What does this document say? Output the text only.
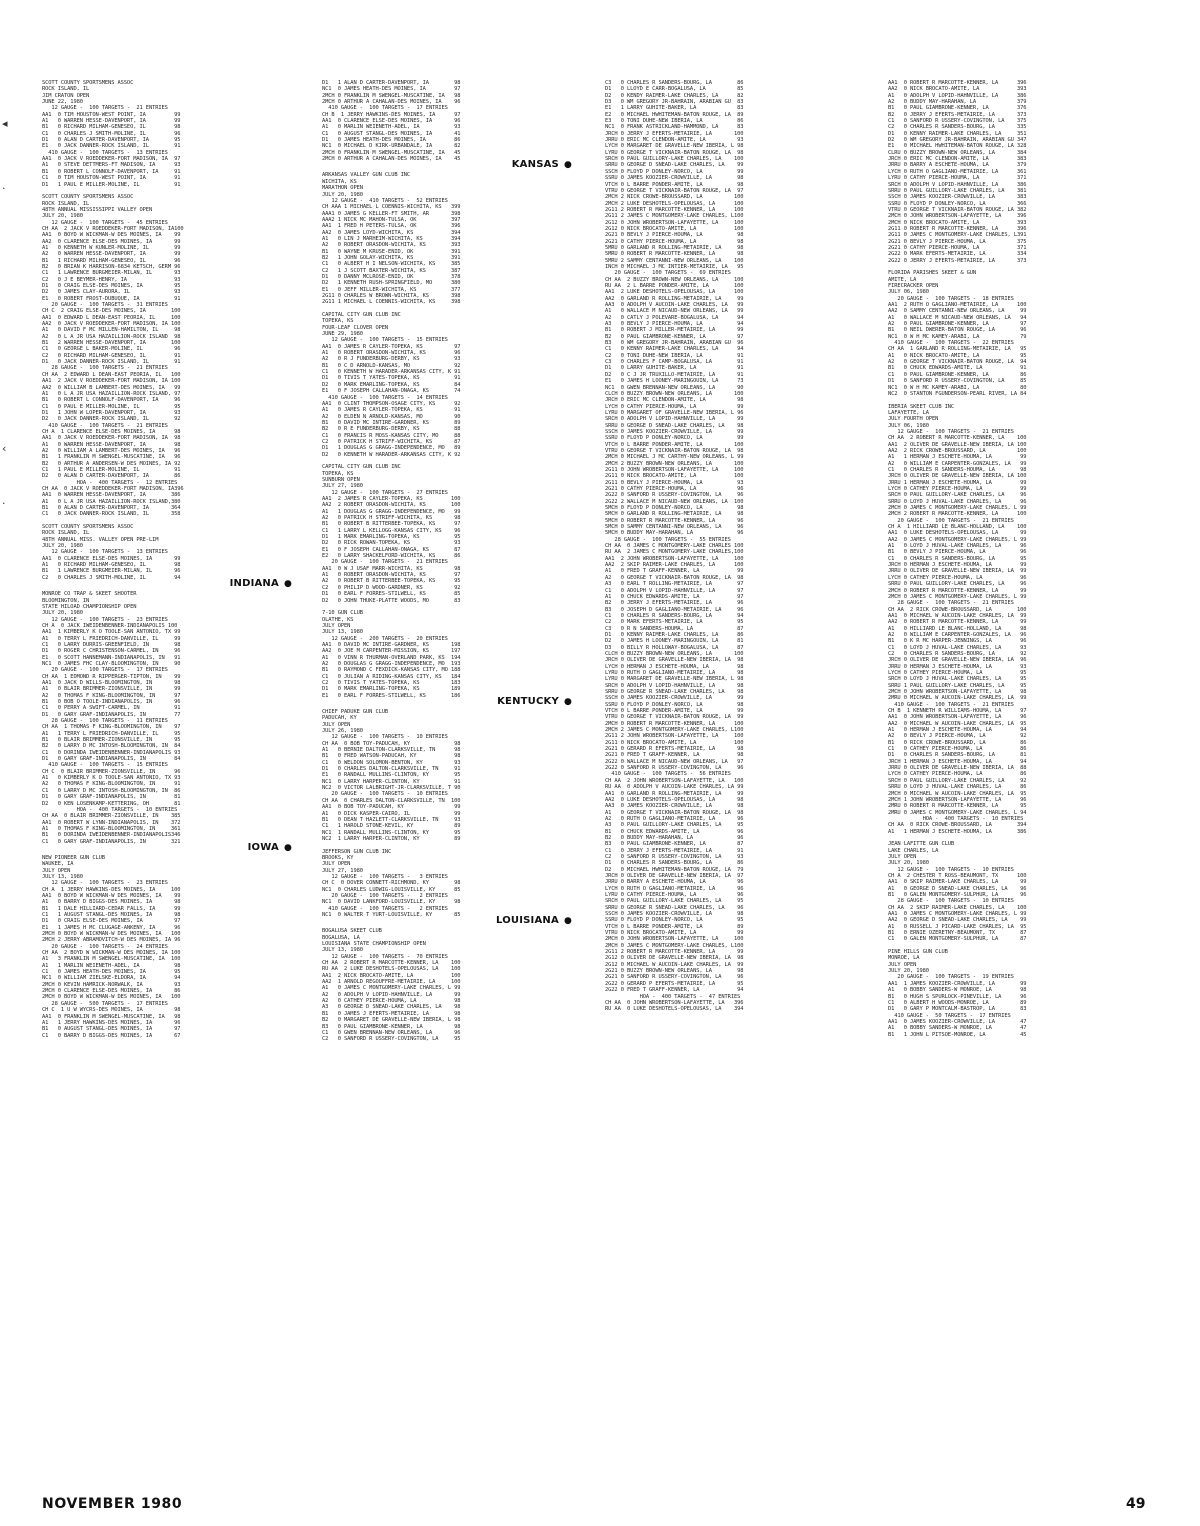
SCOTT COUNTY SPORTSMENS ASSOC
ROCK ISLAND, IL
JIM CRATON OPEN
JUNE 22, 1980
12 GAUGE -  100 TARGETS -  21 ENTRIES
AA1  0 TIM HOUSTON-WEST POINT, IA         99
A1   0 WARREN HESSE-DAVENPORT, IA         99
B1   0 RICHARD MILHAM-GENESEO, IL         98
C1   0 CHARLES J SMITH-MOLINE, IL         96
D1   0 ALAN D CARTER-DAVENPORT, IA        95
E1   0 JACK DANNER-ROCK ISLAND, IL        91
410 GAUGE -  100 TARGETS -  13 ENTRIES
AA1  0 JACK V ROEDDEKER-FORT MADISON, IA  97
A1   0 STEVE DETTMERS-FT MADISON, IA      93
B1   0 ROBERT L CONNOLF-DAVENPORT, IA     91
C1   0 TIM HOUSTON-WEST POINT, IA         91
D1   1 PAUL E MILLER-MOLINE, IL           91

SCOTT COUNTY SPORTSMENS ASSOC
ROCK ISLAND, IL
48TH ANNUAL MISSISSIPPI VALLEY OPEN
JULY 20, 1980
12 GAUGE -  100 TARGETS -  45 ENTRIES
CH AA  2 JACK V ROEDDEKER-FORT MADISON, IA100
AA1  0 BOYD W WICKMAN-W DES MOINES, IA    99
AA2  0 CLARENCE ELSE-DES MOINES, IA       99
A1   0 KENNETH W KUNLER-MOLINE, IL        99
A2   0 WARREN HESSE-DAVENPORT, IA         99
B1   1 RICHARD MILHAM-GENESEO, IL         96
B2   0 BRIAN K HARRISON-6834 KETSCH, GERM 96
C1   1 LAWRENCE BURGMEIER-MILAN, IL       93
C2   0 J E BEYMER-HENRY, IA               93
D1   0 CRAIG ELSE-DES MOINES, IA          95
D2   0 JAMES CLAY-AURORA, IL              93
E1   0 ROBERT FROST-DUBUQUE, IA           91
20 GAUGE -  100 TARGETS -  31 ENTRIES
CH C  2 CRAIG ELSE-DES MOINES, IA        100
AA1  0 EDWARD L DEAN-EAST PEORIA, IL     100
AA2  0 JACK V ROEDDEKER-FORT MADISON, IA 100
A1   0 DAVID F MC MILLEN-HAMILTON, IL     98
A2   0 L A JR USA HAZAILLION-ROCK ISLAND  98
B1   2 WARREN HESSE-DAVENPORT, IA        100
C1   0 GEORGE L BAKER-MOLINE, IL          96
C2   0 RICHARD MILHAM-GENESEO, IL         91
D1   0 JACK DANNER-ROCK ISLAND, IL        91
28 GAUGE -  100 TARGETS -  21 ENTRIES
CH AA  2 EDWARD L DEAN-EAST PEORIA, IL   100
AA1  2 JACK V ROEDDEKER-FORT MADISON, IA 100
AA2  0 WILLIAM B LAMBERT-DES MOINES, IA   99
A1   0 L A JR USA HAZAILLION-ROCK ISLAND, 97
B1   0 ROBERT L CONNOLF-DAVENPORT, IA     96
C1   0 PAUL E MILLER-MOLINE, IL           95
D1   1 JOHN W LOPER-DAVENPORT, IA         93
D2   0 JACK DANNER-ROCK ISLAND, IL        92
410 GAUGE -  100 TARGETS -  21 ENTRIES
CH A  1 CLARENCE ELSE-DES MOINES, IA      98
AA1  0 JACK V ROEDDEKER-FORT MADISON, IA  98
A1   0 WARREN HESSE-DAVENPORT, IA         98
A2   0 WILLIAM A LAMBERT-DES MOINES, IA   96
B1   1 FRANKLIN M SWENGEL-MUSCATINE, IA   96
B2   0 ARTHUR A ANDERSEN-W DES MOINES, IA 92
C1   1 PAUL E MILLER-MOLINE, IL           91
D2   0 ALAN D CARTER-DAVENPORT, IA        86
HOA -  400 TARGETS -  12 ENTRIES
CH AA  0 JACK V ROEDDEKER-FORT MADISON, IA396
AA1  0 WARREN HESSE-DAVENPORT, IA        386
A1   0 L A JR USA HAZAILLION-ROCK ISLAND,380
B1   0 ALAN D CARTER-DAVENPORT, IA       364
C1   0 JACK DANNER-ROCK ISLAND, IL       358

SCOTT COUNTY SPORTSMENS ASSOC
ROCK ISLAND, IL
48TH ANNUAL MISS. VALLEY OPEN PRE-LIM
JULY 20, 1980
12 GAUGE -  100 TARGETS -  13 ENTRIES
AA1  0 CLARENCE ELSE-DES MOINES, IA       99
A1   0 RICHARD MILHAM-GENESEO, IL         98
B1   1 LAWRENCE BURGMEIER-MILAN, IL       96
C2   0 CHARLES J SMITH-MOLINE, IL         94
INDIANA ●
MONROE CO TRAP & SKEET SHOOTER
BLOOMINGTON, IN
STATE HILOAD CHAMPIONSHIP OPEN
JULY 20, 1980
12 GAUGE -  100 TARGETS -  23 ENTRIES
CH A  0 JACK IWEIDENBENNER-INDIANAPOLIS 100
AA1  1 KIMBERLY K O TOOLE-SAN ANTONIO, TX 99
A1   0 TERRY L FRIEDRICH-DANVILLE, IL     99
C1   0 LARRY DURRIS-GREENFIELD, IN        98
D1   0 ROGER C CHRISTENSON-CARMEL, IN     96
E1   0 SCOTT HANNEMANN-INDIANAPOLIS, IN   91
NC1  0 JAMES FHC CLAY-BLOOMINGTON, IN     90
20 GAUGE -  100 TARGETS -  17 ENTRIES
CH AA  1 EDMOND R RIPPERGER-TIPTON, IN    99
AA1  0 JACK D WILLS-BLOOMINGTON, IN       98
A1   0 BLAIR BRIMMER-ZIONSVILLE, IN       99
A2   0 THOMAS F KING-BLOOMINGTON, IN      97
B1   0 BOB O TOOLE-INDIANAPOLIS, IN       96
C1   0 PERRY A SWIFT-CARMEL, IN           91
D1   0 GARY GRAF-INDIANAPOLIS, IN         77
28 GAUGE -  100 TARGETS -  11 ENTRIES
CH AA  1 THOMAS F KING-BLOOMINGTON, IN    97
A1   1 TERRY L FRIEDRICH-DANVILLE, IL     95
B1   0 BLAIR BRIMMER-ZIONSVILLE, IN       95
B2   0 LARRY D MC INTOSH-BLOOMINGTON, IN  84
C1   0 DORINDA IWEIDENBENNER-INDIANAPOLIS 93
D1   0 GARY GRAF-INDIANAPOLIS, IN         84
410 GAUGE -  100 TARGETS -  15 ENTRIES
CH C  0 BLAIR BRIMMER-ZIONSVILLE, IN      96
A1   0 KIMBERLY K O TOOLE-SAN ANTONIO, TX 93
A2   0 THOMAS F KING-BLOOMINGTON, IN      91
C1   0 LARRY D MC INTOSH-BLOOMINGTON, IN  86
D1   0 GARY GRAF-INDIANAPOLIS, IN         81
D2   0 KEN LOSENKAMP-KETTERING, OH        81
HOA -  400 TARGETS -  10 ENTRIES
CH AA  0 BLAIR BRIMMER-ZIONSVILLE, IN    385
AA1  0 ROBERT W LYNN-INDIANAPOLIS, IN    372
A1   0 THOMAS F KING-BLOOMINGTON, IN     361
B1   0 DORINDA IWEIDENBENNER-INDIANAPOLIS346
C1   0 GARY GRAF-INDIANAPOLIS, IN        321
IOWA ●
NEW PIONEER GUN CLUB
WAUKEE, IA
JULY OPEN
JULY 13, 1980
12 GAUGE -  100 TARGETS -  23 ENTRIES
CH A  1 JERRY HAWKINS-DES MOINES, IA     100
AA1  0 BOYD W WICKMAN-W DES MOINES, IA    99
A1   0 BARRY D BIGGS-DES MOINES, IA       98
B1   1 DALE HILLIARD-CEDAR FALLS, IA      99
C1   1 AUGUST STANGL-DES MOINES, IA       98
D1   0 CRAIG ELSE-DES MOINES, IA          97
E1   1 JAMES H MC CLUGAGE-ANKENY, IA      96
2MCH 0 BOYD W WICKMAN-W DES MOINES, IA   100
2MCH 2 JERRY ABRAMOVITCH-W DES MOINES, IA 96
20 GAUGE -  100 TARGETS -  24 ENTRIES
CH AA  2 BOYD W WICKMAN-W DES MOINES, IA 100
A1   3 FRANKLIN M SWENGEL-MUSCATINE, IA  100
A1   1 MARLIN WEIENETH-ADEL, IA           98
C1   0 JAMES HEATH-DES MOINES, IA         95
NC1  0 WILLIAM ZIELSKE-ELDORA, IA         94
2MCH 0 KEVIN HAMRICK-NORWALK, IA          93
2MCH 0 CLARENCE ELSE-DES MOINES, IA       86
2MCH 0 BOYD W WICKMAN-W DES MOINES, IA   100
28 GAUGE -  500 TARGETS -  17 ENTRIES
CH C  1 U W WYCRS-DES MOINES, IA          98
AA1  0 FRANKLIN M SWENGEL-MUSCATINE, IA   98
A1   1 JERRY HAWKINS-DES MOINES, IA       96
B1   0 AUGUST STANGL-DES MOINES, IA       97
C1   0 BARRY D BIGGS-DES MOINES, IA       67
D1   1 ALAN D CARTER-DAVENPORT, IA        98
NC1  0 JAMES HEATH-DES MOINES, IA         97
2MCH 0 FRANKLIN M SWENGEL-MUSCATINE, IA   98
2MCH 0 ARTHUR A CAHALAN-DES MOINES, IA    96
410 GAUGE -  100 TARGETS -  17 ENTRIES
CH B  1 JERRY HAWKINS-DES MOINES, IA      97
AA1  0 CLARENCE ELSE-DES MOINES, IA       96
A1   0 MARLIN WEIENETH-ADEL, IA           93
C1   0 AUGUST STANGL-DES MOINES, IA       41
D1   0 JAMES HEATH-DES MOINES, IA         86
NC1  0 MICHAEL D KIRK-URBANDALE, IA       82
2MCH 0 FRANKLIN M SWENGEL-MUSCATINE, IA   45
2MCH 0 ARTHUR A CAHALAN-DES MOINES, IA    45
KANSAS ●
ARKANSAS VALLEY GUN CLUB INC
WICHITA, KS
MARATHON OPEN
JULY 20, 1980
12 GAUGE -  410 TARGETS -  52 ENTRIES
CH AAA 1 MICHAEL L COENNIS-WICHITA, KS   399
AAA1 0 JAMES G KELLER-FT SMITH, AR       398
AAA2 1 NICK MC MAHON-TULSA, OK           397
AA1  1 FRED H PETERS-TULSA, OK           396
AA2  0 JAMES LOYD-WICHITA, KS            394
A1   0 LIN J MARHEIM-WICHITA, KS         394
A2   0 ROBERT ORASDON-WICHITA, KS        393
B1   0 WAYNE M KRUSE-ENID, OK            391
B2   1 JOHN GOLAY-WICHITA, KS            391
C1   0 ALBERT H I NELSON-WICHITA, KS     385
C2   1 J SCOTT BAXTER-WICHITA, KS        387
D1   0 DANNY MCLROSE-ENID, OK            378
D2   1 KENNETH RUSH-SPRINGFIELD, MO      380
E1   0 JEFF MILLER-WICHITA, KS           377
2G11 0 CHARLES W BROWN-WICHITA, KS       398
2G11 1 MICHAEL L COENNIS-WICHITA, KS     398

CAPITAL CITY GUN CLUB INC
TOPEKA, KS
FOUR-LEAF CLOVER OPEN
JUNE 29, 1980
12 GAUGE -  100 TARGETS -  15 ENTRIES
AA1  0 JAMES R CAYLER-TOPEKA, KS          97
A1   0 ROBERT ORASDON-WICHITA, KS         96
A2   0 R J FUNDERBURG-DERBY, KS           93
B1   0 C D ARNOLD-KANSAS, MO              92
C1   0 KENNETH W HARADER-ARKANSAS CITY, K 91
D1   0 TIVIS T YATES-TOPEKA, KS           91
D2   0 MARK EMARLING-TOPEKA, KS           84
E1   0 F JOSEPH CALLAHAN-ONAGA, KS        74
410 GAUGE -  100 TARGETS -  14 ENTRIES
AA1  0 CLINT THOMPSON-OSAGE CITY, KS      92
A1   0 JAMES R CAYLER-TOPEKA, KS          91
A2   0 ELDEN N ARNOLD-KANSAS, MO          90
B1   0 DAVID MC INTIRE-GARDNER, KS        89
B2   0 R E FUNDERBURG-DERBY, KS           88
C1   0 FRANCIS R MOSS-KANSAS CITY, MO     88
C2   0 PATRICK H STRIFF-WICHITA, KS       87
D1   1 DOUGLAS G GRAGG-INDEPENDENCE, MO   89
D2   0 KENNETH W HARADER-ARKANSAS CITY, K 92

CAPITAL CITY GUN CLUB INC
TOPEKA, KS
SUNBURN OPEN
JULY 27, 1980
12 GAUGE -  100 TARGETS -  27 ENTRIES
AA1  2 JAMES R CAYLER-TOPEKA, KS         100
AA2  2 ROBERT ORASDON-WICHITA, KS        100
A1   1 DOUGLAS G GRAGG-INDEPENDENCE, MO   99
A2   0 PATRICK H STRIFF-WICHITA, KS       98
B1   0 ROBERT B RITTERBEE-TOPEKA, KS      97
C1   1 LARRY L KELLOGG-KANSAS CITY, KS    96
D1   1 MARK EMARLING-TOPEKA, KS           95
D2   0 RICK ROWAN-TOPEKA, KS              93
E1   0 F JOSEPH CALLAHAN-ONAGA, KS        87
E2   0 LARRY SHACKELFORD-WICHITA, KS      86
20 GAUGE -  100 TARGETS -  21 ENTRIES
AA1  0 W J USAF MARR-WICHITA, KS          98
A1   0 ROBERT ORASDON-WICHITA, KS         97
A2   0 ROBERT B RITTERBEE-TOPEKA, KS      95
C2   0 PHILIP D WOOD-GARDNER, KS          92
D1   0 EARL F FORRES-STILWELL, KS         85
D2   0 JOHN THUKE-PLATTE WOODS, MO        83

7-10 GUN CLUB
OLATHE, KS
JULY OPEN
JULY 13, 1980
12 GAUGE -  200 TARGETS -  20 ENTRIES
AA1  0 DAVID MC INTIRE-GARDNER, KS       198
AA2  0 JOE M CARPENTER-MISSION, KS       197
A1   0 VINN R THURMAN-OVERLAND PARK, KS  194
A2   0 DOUGLAS G GRAGG-INDEPENDENCE, MO  193
B1   0 RAYMOND C FEXDICK-KANSAS CITY, MO 188
C1   0 JULIAN A RIDING-KANSAS CITY, KS   184
C2   0 TIVIS T YATES-TOPEKA, KS          183
D1   0 MARK EMARLING-TOPEKA, KS          189
E1   0 EARL F FORRES-STILWELL, KS        186
KENTUCKY ●
CHIEF PADUKE GUN CLUB
PADUCAH, KY
JULY OPEN
JULY 26, 1980
12 GAUGE -  100 TARGETS -  10 ENTRIES
CH AA  0 BOB TOY-PADUCAH, KY              98
A1   0 BERNIE DALTON-CLARKSVILLE, TN      98
B1   0 FRED WATSON-PADUCAH, KY            98
C1   0 WELDON SOLOMON-BENTON, KY          93
D1   0 CHARLES DALTON-CLARKSVILLE, TN     91
E1   0 RANDALL MULLINS-CLINTON, KY        95
NC1  0 LARRY HARPER-CLINTON, KY           91
NC2  0 VICTOR LALBRIGHT-JR-CLARKSVILLE, T 90
20 GAUGE -  100 TARGETS -  10 ENTRIES
CH AA  0 CHARLES DALTON-CLARKSVILLE, TN  100
AA1  0 BOB TOY-PADUCAH, KY                99
A1   0 DICK KASPER-CAIRO, IL              99
B1   0 DEAN T HAZLETT-CLARKSVILLE, TN     93
C1   1 HAROLD STONE-KEVIL, KY             89
NC1  1 RANDALL MULLINS-CLINTON, KY        95
NC2  1 LARRY HARPER-CLINTON, KY           89

JEFFERSON GUN CLUB INC
BROOKS, KY
JULY OPEN
JULY 27, 1980
12 GAUGE -  100 TARGETS -   3 ENTRIES
CH C  0 DOVER CONNETT-RICHMOND, KY        98
NC1  0 CHARLES LUDWIG-LOUISVILLE, KY      85
20 GAUGE -  100 TARGETS -   2 ENTRIES
NC1  0 DAVID LANKFORD-LOUISVILLE, KY      98
410 GAUGE -  100 TARGETS -   2 ENTRIES
NC1  0 WALTER T YURT-LOUISVILLE, KY       85
LOUISIANA ●
BOGALUSA SKEET CLUB
BOGALUSA, LA
LOUISIANA STATE CHAMPIONSHIP OPEN
JULY 13, 1980
12 GAUGE -  100 TARGETS -  70 ENTRIES
CH AA  2 ROBERT R MARCOTTE-KENNER, LA    100
RU AA  2 LUKE DESHOTELS-OPELOUSAS, LA    100
AA1  2 NICK BROCATO-AMITE, LA            100
AA2  1 ARNOLD REGOUFFRE-METAIRIE, LA     100
A1   0 JAMES C MONTGOMERY-LAKE CHARLES, L 99
A2   0 ADOLPH V LOPID-HAHNVILLE, LA       99
A2   0 CATHEY PIERCE-HOUMA, LA            98
A3   0 GEORGE D SNEAD-LAKE CHARLES, LA    98
B1   0 JAMES J EFERTS-METAIRIE, LA        98
B2   0 MARGARET DE GRAVELLE-NEW IBERIA, L 98
B3   0 PAUL GIAMBRONE-KENNER, LA          98
C1   0 GWEN BRENNAN-NEW ORLEANS, LA       96
C2   0 SANFORD R USSERY-COVINGTON, LA     95
C3   0 CHARLES R SANDERS-BOURG, LA        86
D1   0 LLOYD E CARR-BOGALUSA, LA          85
D2   0 KENDY RAIMER-LAKE CHARLES, LA      82
D3   0 WM GREGORY JR-BAHRAIN, ARABIAN GU  83
E1   1 LARRY GUHITE-BAKER, LA             83
E2   0 MICHAEL HWHITEMAN-BATON ROUGE, LA  89
E3   0 TONI DUHE-NEW IBERIA, LA           86
NC1  0 FRANK ASTRICKLAND-HAMMOND, LA      83
JRCH 0 JERRY J EFERTS-METAIRIE, LA       100
JRRU 0 ERIC MC CLENDON-AMITE, LA          93
LYCH 0 MARGARET DE GRAVELLE-NEW IBERIA, L 98
LYRU 0 GEORGE T VICKNAIR-BATON ROUGE, LA  98
SRCH 0 PAUL GUILLORY-LAKE CHARLES, LA    100
SRRU 0 GEORGE D SNEAD-LAKE CHARLES, LA    99
SSCH 0 FLOYD P DONLEY-NORCO, LA           99
SSRU 0 JAMES KOOZIER-CROWVILLE, LA        98
VTCH 0 L BARRE PONDER-AMITE, LA           98
VTRU 0 GEORGE T VICKNAIR-BATON ROUGE, LA  97
2MCH 2 NICK CROWE-BROUSSARD, LA          100
2MCH 2 LUKE DESHOTELS-OPELOUSAS, LA      100
2G11 2 ROBERT R MARCOTTE-KENNER, LA      100
2G11 2 JAMES C MONTGOMERY-LAKE CHARLES, L100
2G12 0 JOHN WROBERTSON-LAFAYETTE, LA     100
2G12 0 NICK BROCATO-AMITE, LA            100
2G21 0 BEVLY J PIERCE-HOUMA, LA           98
2G21 0 CATHY PIERCE-HOUMA, LA             98
5MRU 0 GARLAND R ROLLING-METAIRIE, LA     98
5MRU 0 ROBERT R MARCOTTE-KENNER, LA       98
5MRU 2 SAMMY CENTANNI-NEW ORLEANS, LA    100
INCH 0 MICHAEL J MC INTIER-METAIRIE, LA   95
20 GAUGE -  100 TARGETS -  69 ENTRIES
CH AA  2 BUZZY BROWN-NEW ORLEANS, LA     100
RU AA  2 L BARRE PONDER-AMITE, LA        100
AA1  2 LUKE DESHOTELS-OPELOUSAS, LA      100
AA2  0 GARLAND R ROLLING-METAIRIE, LA     99
AA3  0 ADOLPH V AUCOIN-LAKE CHARLES, LA   99
A1   0 WALLACE M NICAUD-NEW ORLEANS, LA   99
A2   0 CATLY J POLEVARE-BOGALUSA, LA      94
A3   0 BEVLY J PIERCE-HOUMA, LA           94
B1   0 ROBERT J MILLER-METAIRIE, LA       99
B2   0 PAUL GIAMBRONE-KENNER, LA          97
B3   0 WM GREGORY JR-BAHRAIN, ARABIAN GU  96
C1   0 KENNY RAIMER-LAKE CHARLES, LA      94
C2   0 TONI DUHE-NEW IBERIA, LA           91
C3   0 CHARLES F CAMP-BOGALUSA, LA        91
D1   0 LARRY GUHITE-BAKER, LA             91
D2   0 C J JR TRUXILLO-METAIRIE, LA       91
E1   0 JAMES H LOONEY-MARINGOUIN, LA      73
NC1  0 GWEN BRENNAN-NEW ORLEANS, LA       90
CLCH 0 BUZZY BROWN-NEW ORLEANS, LA       100
JRCH 0 ERIC MC CLENDON-AMITE, LA          98
LYCH 0 CATHY PIERCE-HOUMA, LA             99
LYRU 0 MARGARET OF GRAVELLE-NEW IBERIA, L 96
SRCH 0 ADOLPH V LOPID-HAHNVILLE, LA       99
SRRU 0 GEORGE D SNEAD-LAKE CHARLES, LA    98
SSCH 0 JAMES KOOZIER-CROWVILLE, LA        99
SSRU 0 FLOYD P DONLEY-NORCO, LA           99
VTCH 0 L BARRE PONDER-AMITE, LA          100
VTRU 0 GEORGE T VICKNAIR-BATON ROUGE, LA  98
2MCH 0 MICHAEL J MC CARTHY-NEW ORLEANS, L 99
2MCH 2 BUZZY BROWN-NEW ORLEANS, LA       100
2G11 0 JOHN WROBERTSON-LAFAYETTE, LA     100
2G11 0 NICK BROCATO-AMITE, LA            100
2G11 0 BEVLY J PIERCE-HOUMA, LA           93
2G21 0 CATHY PIERCE-HOUMA, LA             96
2G22 0 SANFORD R USSERY-COVINGTON, LA     96
2G22 2 WALLACE M NICAUD-NEW ORLEANS, LA  100
5MCH 0 FLOYD P DONLEY-NORCO, LA           98
5MCH 0 GARLAND R ROLLING-METAIRIE, LA     98
5MCH 0 ROBERT R MARCOTTE-KENNER, LA       96
5MCH 0 SAMMY CENTANNI-NEW ORLEANS, LA     96
5MCH 0 BUDDY MAY-HARAHAN, LA              96
28 GAUGE -  100 TARGETS -  55 ENTRIES
CH AA  0 JAMES C MONTGOMERY-LAKE CHARLES 100
RU AA  2 JAMES C MONTGOMERY-LAKE CHARLES,100
AA1  2 JOHN WROBERTSON-LAFAYETTE, LA     100
AA2  2 SKIP RAIMER-LAKE CHARLES, LA      100
A1   0 FRED T GRAFF-KENNER, LA            99
A2   0 GEORGE T VICKNAIR-BATON ROUGE, LA  98
A3   0 EARL T ROLLING-METAIRIE, LA        97
C1   0 ADOLPH V LOPID-HAHNVILLE, LA       97
A1   0 CHUCK EDWARDS-AMITE, LA            97
B2   0 JERRY J EFERTS-METAIRIE, LA        96
B3   0 JOSEPH D GAGLIANO-METAIRIE, LA     96
C1   0 CHARLES R SANDERS-BOURG, LA        94
C2   0 MARK EFERTS-METAIRIE, LA           95
C3   0 R N SANDERS-HOUMA, LA              87
D1   0 KENNY RAIMER-LAKE CHARLES, LA      86
D2   0 JAMES H LOONEY-MARINGOUIN, LA      81
D3   0 BILLY R HOLLOWAY-BOGALUSA, LA      87
CLCH 0 BUZZY BROWN-NEW ORLEANS, LA       100
JRCH 0 OLIVER DE GRAVELLE-NEW IBERIA, LA  98
LYCH 0 HERMAN J ESCHETE-HOUMA, LA         98
LYRU 0 RUTH O GAGLIANO-METAIRIE, LA       98
LYRU 0 MARGARET DE GRAVELLE-NEW IBERIA, L 98
SRCH 0 ADOLPH V LOPID-HAHNVILLE, LA       98
SRRU 0 GEORGE R SNEAD-LAKE CHARLES, LA    98
SSCH 0 JAMES KOOZIER-CROWVILLE, LA        99
SSRU 0 FLOYD P DONLEY-NORCO, LA           98
VTCH 0 L BARRE PONDER-AMITE, LA           99
VTRU 0 GEORGE T VICKNAIR-BATON ROUGE, LA  99
2MCH 0 ROBERT R MARCOTTE-KENNER, LA      100
2MCH 2 JAMES C MONTGOMERY-LAKE CHARLES, L100
2G11 2 JOHN WROBERTSON-LAFAYETTE, LA     100
2G11 0 NICK BROCATO-AMITE, LA            100
2G21 0 GERARD R EFERTS-METAIRIE, LA       98
2G21 0 FRED T GRAFF-KENNER, LA            98
2G22 0 WALLACE M NICAUD-NEW ORLEANS, LA   97
2G22 0 SANFORD R USSERY-COVINGTON, LA     96
410 GAUGE -  100 TARGETS -  56 ENTRIES
CH AA  2 JOHN WROBERTSON-LAFAYETTE, LA   100
RU AA  0 ADOLPH V AUCOIN-LAKE CHARLES, LA 99
AA1  0 GARLAND R ROLLING-METAIRIE, LA     99
AA2  0 LUKE DESHOTELS-OPELOUSAS, LA       98
AA3  0 JAMES KOOZIER-CROWVILLE, LA        98
A1   0 GEORGE T VICKNAIR-BATON ROUGE, LA  98
A2   0 RUTH O GAGLIANO-METAIRIE, LA       96
A3   0 PAUL GUILLORY-LAKE CHARLES, LA     95
B1   0 CHUCK EDWARDS-AMITE, LA            96
B2   0 BUDDY MAY-HARAHAN, LA              96
B3   0 PAUL GIAMBRONE-KENNER, LA          87
C1   0 JERRY J EFERTS-METAIRIE, LA        91
C2   0 SANFORD R USSERY-COVINGTON, LA     93
D1   0 CHARLES R SANDERS-BOURG, LA        86
D2   0 MICHAEL HWHITEMAN-BATON ROUGE, LA  79
JRCH 0 OLIVER DE GRAVELLE-NEW IBERIA, LA  97
JRRU 0 BARRY A ESCHETE-HOUMA, LA          96
LYCH 0 RUTH O GAGLIANO-METAIRIE, LA       96
LYRU 0 CATHY PIERCE-HOUMA, LA             96
SRCH 0 PAUL GUILLORY-LAKE CHARLES, LA     95
SRRU 0 GEORGE R SNEAD-LAKE CHARLES, LA    96
SSCH 0 JAMES KOOZIER-CROWVILLE, LA        98
SSRU 0 FLOYD P DONLEY-NORCO, LA           95
VTCH 0 L BARRE PONDER-AMITE, LA           89
VTRU 0 NICK BROCATO-AMITE, LA             99
2MCH 0 JOHN WROBERTSON-LAFAYETTE, LA     100
2MCH 0 JAMES C MONTGOMERY-LAKE CHARLES, L100
2G11 2 ROBERT R MARCOTTE-KENNER, LA       99
2G12 0 OLIVER DE GRAVELLE-NEW IBERIA, LA  98
2G12 0 MICHAEL W AUCOIN-LAKE CHARLES, LA  99
2G21 0 BUZZY BROWN-NEW ORLEANS, LA        98
2G21 0 SANFORD R USSERY-COVINGTON, LA     96
2G22 0 GERARD P EFERTS-METAIRIE, LA       95
2G22 0 FRED T GRAFF-KENNER, LA            94
HOA -  400 TARGETS -  47 ENTRIES
CH AA  0 JOHN WROBERTSON-LAFAYETTE, LA   396
RU AA  0 LUKE DESHOTELS-OPELOUSAS, LA    394
AA1  0 ROBERT R MARCOTTE-KENNER, LA      396
AA2  0 NICK BROCATO-AMITE, LA            393
A1   0 ADOLPH V LOPID-HAHNVILLE, LA      386
A2   0 BUDDY MAY-HARAHAN, LA             379
B1   0 PAUL GIAMBRONE-KENNER, LA         376
B2   0 JERRY J EFERTS-METAIRIE, LA       373
C1   0 SANFORD R USSERY-COVINGTON, LA    375
C2   0 CHARLES R SANDERS-BOURG, LA       335
D1   0 KENNY RAIMER-LAKE CHARLES, LA     351
D2   0 WM GREGORY JR-BAHRAIN, ARABIAN GU 347
E1   0 MICHAEL HWHITEMAN-BATON ROUGE, LA 328
CLRU 0 BUZZY BROWN-NEW ORLEANS, LA       384
JRCH 0 ERIC MC CLENDON-AMITE, LA         383
JRRU 0 BARRY A ESCHETE-HOUMA, LA         379
LYCH 0 RUTH O GAGLIANO-METAIRIE, LA      361
LYRU 0 CATHY PIERCE-HOUMA, LA            371
SRCH 0 ADOLPH V LOPID-HAHNVILLE, LA      386
SRRU 0 PAUL GUILLORY-LAKE CHARLES, LA    381
SSCH 0 JAMES KOOZIER-CROWVILLE, LA       383
SSRU 0 FLOYD P DONLEY-NORCO, LA          366
VTRU 0 GEORGE T VICKNAIR-BATON ROUGE, LA 382
2MCH 0 JOHN WROBERTSON-LAFAYETTE, LA     396
2MCH 0 NICK BROCATO-AMITE, LA            393
2G11 0 ROBERT R MARCOTTE-KENNER, LA      396
2G11 0 JAMES C MONTGOMERY-LAKE CHARLES, L391
2G21 0 BEVLY J PIERCE-HOUMA, LA          375
2G21 0 CATHY PIERCE-HOUMA, LA            371
2G22 0 MARK EFERTS-METAIRIE, LA          334
2G22 0 JERRY J EFERTS-METAIRIE, LA       373

FLORIDA PARISHES SKEET & GUN
AMITE, LA
FIRECRACKER OPEN
JULY 06, 1980
20 GAUGE -  100 TARGETS -  18 ENTRIES
AA1  2 RUTH O GAGLIANO-METAIRIE, LA      100
AA2  0 SAMMY CENTANNI-NEW ORLEANS, LA     99
A1   0 WALLACE M NICAUD-NEW ORLEANS, LA   94
A2   0 PAUL GIAMBRONE-KENNER, LA          97
B1   0 NEIL DWERER-BATON ROUGE, LA        96
NC1  0 W H MC KAMEY-ARABI, LA             79
410 GAUGE -  100 TARGETS -  22 ENTRIES
CH AA  1 GARLAND R ROLLING-METAIRIE, LA   95
A1   0 NICK BROCATO-AMITE, LA             95
A2   0 GEORGE T VICKNAIR-BATON ROUGE, LA  94
B1   0 CHUCK EDWARDS-AMITE, LA            91
C1   0 PAUL GIAMBRONE-KENNER, LA          86
D1   0 SANFORD R USSERY-COVINGTON, LA     85
NC1  0 W H MC KAMEY-ARABI, LA             80
NC2  0 STANTON FGUNDERSON-PEARL RIVER, LA 84

IBERIA SKEET CLUB INC
LAFAYETTE, LA
JULY FOURTH OPEN
JULY 06, 1980
12 GAUGE -  100 TARGETS -  21 ENTRIES
CH AA  2 ROBERT R MARCOTTE-KENNER, LA    100
AA1  2 OLIVER DE GRAVELLE-NEW IBERIA, LA 100
AA2  2 RICK CROWE-BROUSSARD, LA          100
A1   1 HERMAN J ESCHETE-HOUMA, LA         99
A2   0 WILLIAM E CARPENTER-GONZALES, LA   99
C1   0 CHARLES R SANDERS-HOUMA, LA        98
JRCH 0 OLIVER DE GRAVELLE-NEW IBERIA, LA 100
JRRU 1 HERMAN J ESCHETE-HOUMA, LA         99
LYCH 0 CATHEY PIERCE-HOUMA, LA            99
SRCH 0 PAUL GUILLORY-LAKE CHARLES, LA     96
SRRU 0 LOYD J HUVAL-LAKE CHARLES, LA      96
2MCH 0 JAMES C MONTGOMERY-LAKE CHARLES, L 99
2MCH 2 ROBERT R MARCOTTE-KENNER, LA      100
20 GAUGE -  100 TARGETS -  21 ENTRIES
CH A  1 HILLIARD LE BLANC-HOLLAND, LA    100
AA1  0 LUKE DESHOTELS-OPELOUSAS, LA       99
AA2  0 JAMES C MONTGOMERY-LAKE CHARLES, L 99
A1   0 LOYD J HUVAL-LAKE CHARLES, LA      96
B1   0 BEVLY J PIERCE-HOUMA, LA           96
C1   0 CHARLES R SANDERS-BOURG, LA        95
JRCH 0 HERMAN J ESCHETE-HOUMA, LA         99
JRRU 0 OLIVER DE GRAVELLE-NEW IBERIA, LA  99
LYCH 0 CATHEY PIERCE-HOUMA, LA            96
SRRU 0 PAUL GUILLORY-LAKE CHARLES, LA     96
2MCH 0 ROBERT R MARCOTTE-KENNER, LA       99
2MCH 0 JAMES C MONTGOMERY-LAKE CHARLES, L 99
28 GAUGE -  100 TARGETS -  21 ENTRIES
CH AA  2 RICK CROWE-BROUSSARD, LA        100
AA1  0 MICHAEL W AUCOIN-LAKE CHARLES, LA  99
AA2  0 ROBERT R MARCOTTE-KENNER, LA       99
A1   0 HILLIARD LE BLANC-HOLLAND, LA      98
A2   0 WILLIAM E CARPENTER-GONZALES, LA   96
B1   0 K R MC HARPER-JENNINGS, LA         96
C1   0 LOYD J HUVAL-LAKE CHARLES, LA      93
C2   0 CHARLES R SANDERS-BOURG, LA        92
JRCH 0 OLIVER DE GRAVELLE-NEW IBERIA, LA  96
JRRU 0 HERMAN J ESCHETE-HOUMA, LA         93
LYCH 0 CATHEY PIERCE-HOUMA, LA            95
SRCH 0 LOYD J HUVAL-LAKE CHARLES, LA      95
SRRU 1 PAUL GUILLORY-LAKE CHARLES, LA     95
2MCH 0 JOHN WROBERTSON-LAFAYETTE, LA      98
2MRU 0 MICHAEL W AUCOIN-LAKE CHARLES, LA  99
410 GAUGE -  100 TARGETS -  21 ENTRIES
CH B  1 KENNETH R WILLIAMS-HOUMA, LA      97
AA1  0 JOHN WROBERTSON-LAFAYETTE, LA      96
AA2  0 MICHAEL W AUCOIN-LAKE CHARLES, LA  95
A1   0 HERMAN J ESCHETE-HOUMA, LA         94
A2   0 BEVLY J PIERCE-HOUMA, LA           92
B1   0 RICK CROWE-BROUSSARD, LA           86
C1   0 CATHEY PIERCE-HOUMA, LA            86
D1   0 CHARLES R SANDERS-BOURG, LA        81
JRCH 1 HERMAN J ESCHETE-HOUMA, LA         94
JRRU 0 OLIVER DE GRAVELLE-NEW IBERIA, LA  88
LYCH 0 CATHEY PIERCE-HOUMA, LA            86
SRCH 0 PAUL GUILLORY-LAKE CHARLES, LA     92
SRRU 0 LOYD J HUVAL-LAKE CHARLES, LA      86
2MCH 0 MICHAEL W AUCOIN-LAKE CHARLES, LA  95
2MCH 1 JOHN WROBERTSON-LAFAYETTE, LA      96
2MRU 0 ROBERT R MARCOTTE-KENNER, LA       95
2MRU 0 JAMES C MONTGOMERY-LAKE CHARLES, L 94
HOA -  400 TARGETS -  10 ENTRIES
CH AA  0 RICK CROWE-BROUSSARD, LA        394
A1   1 HERMAN J ESCHETE-HOUMA, LA        386

JEAN LAFITTE GUN CLUB
LAKE CHARLES, LA
JULY OPEN
JULY 20, 1980
12 GAUGE -  100 TARGETS -  10 ENTRIES
CH A  2 CHESTER T ROSS-BEAUMONT, TX      100
AA1  0 SKIP RAIMER-LAKE CHARLES, LA       99
A1   0 GEORGE D SNEAD-LAKE CHARLES, LA    96
B1   0 GALEN MONTGOMERY-SULPHUR, LA       96
28 GAUGE -  100 TARGETS -  10 ENTRIES
CH AA  2 SKIP RAIMER-LAKE CHARLES, LA    100
AA1  0 JAMES C MONTGOMERY-LAKE CHARLES, L 99
AA2  0 GEORGE D SNEAD-LAKE CHARLES, LA    99
A1   0 RUSSELL J PICARD-LAKE CHARLES, LA  95
B1   0 ERNIE OZERETNY-BEAUMONT, TX        87
C1   0 GALEN MONTGOMERY-SULPHUR, LA       87

PINE HILLS GUN CLUB
MONROE, LA
JULY OPEN
JULY 20, 1980
20 GAUGE -  100 TARGETS -  19 ENTRIES
AA1  1 JAMES KOOZIER-CROWVILLE, LA        99
A1   0 BOBBY SANDERS-W MONROE, LA         98
B1   0 HUGH S SPURLOCK-PINEVILLE, LA      96
C1   0 ALBERT H WOODS-MONROE, LA          89
D1   0 GARY P MONTCALM-BASTROP, LA        83
410 GAUGE -  50 TARGETS -  17 ENTRIES
AA1  0 JAMES KOOZIER-CROWVILLE, LA        47
A1   0 BOBBY SANDERS-W MONROE, LA         47
B1   1 JOHN L PITSOE-MONROE, LA           45
◂
·
‹
·
NOVEMBER 1980	49
